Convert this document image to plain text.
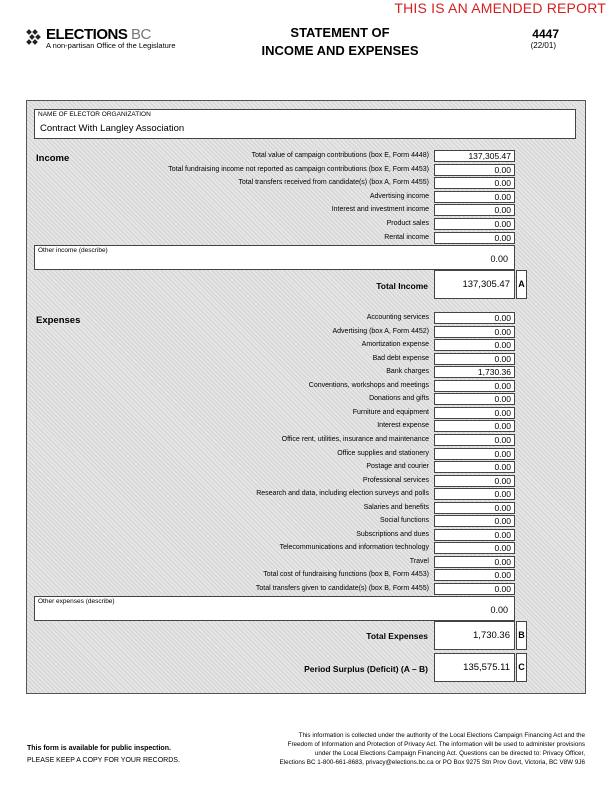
THIS IS AN AMENDED REPORT
ELECTIONS BC
A non-partisan Office of the Legislature
STATEMENT OF
INCOME AND EXPENSES
4447
(22/01)
NAME OF ELECTOR ORGANIZATION
Contract With Langley Association
Income	Total value of campaign contributions (box E, Form 4448)	137,305.47
Total fundraising income not reported as campaign contributions (box E, Form 4453)	0.00
Total transfers received from candidate(s) (box A, Form 4455)	0.00
Advertising income	0.00
Interest and investment income	0.00
Product sales	0.00
Rental income	0.00
Other income (describe)
0.00
Total Income	137,305.47 A
Expenses	Accounting services	0.00
Advertising (box A, Form 4452)	0.00
Amortization expense	0.00
Bad debt expense	0.00
Bank charges	1,730.36
Conventions, workshops and meetings	0.00
Donations and gifts	0.00
Furniture and equipment	0.00
Interest expense	0.00
Office rent, utilities, insurance and maintenance	0.00
Office supplies and stationery	0.00
Postage and courier	0.00
Professional services	0.00
Research and data, including election surveys and polls	0.00
Salaries and benefits	0.00
Social functions	0.00
Subscriptions and dues	0.00
Telecommunications and information technology	0.00
Travel	0.00
Total cost of fundraising functions (box B, Form 4453)	0.00
Total transfers given to candidate(s) (box B, Form 4455)	0.00
Other expenses (describe)
0.00
Total Expenses	1,730.36 B
Period Surplus (Deficit) (A – B)	135,575.11 C
This form is available for public inspection.
PLEASE KEEP A COPY FOR YOUR RECORDS.
This information is collected under the authority of the Local Elections Campaign Financing Act and the
Freedom of Information and Protection of Privacy Act. The information will be used to administer provisions
under the Local Elections Campaign Financing Act. Questions can be directed to: Privacy Officer,
Elections BC 1-800-661-8683, privacy@elections.bc.ca or PO Box 9275 Stn Prov Govt, Victoria, BC V8W 9J6
